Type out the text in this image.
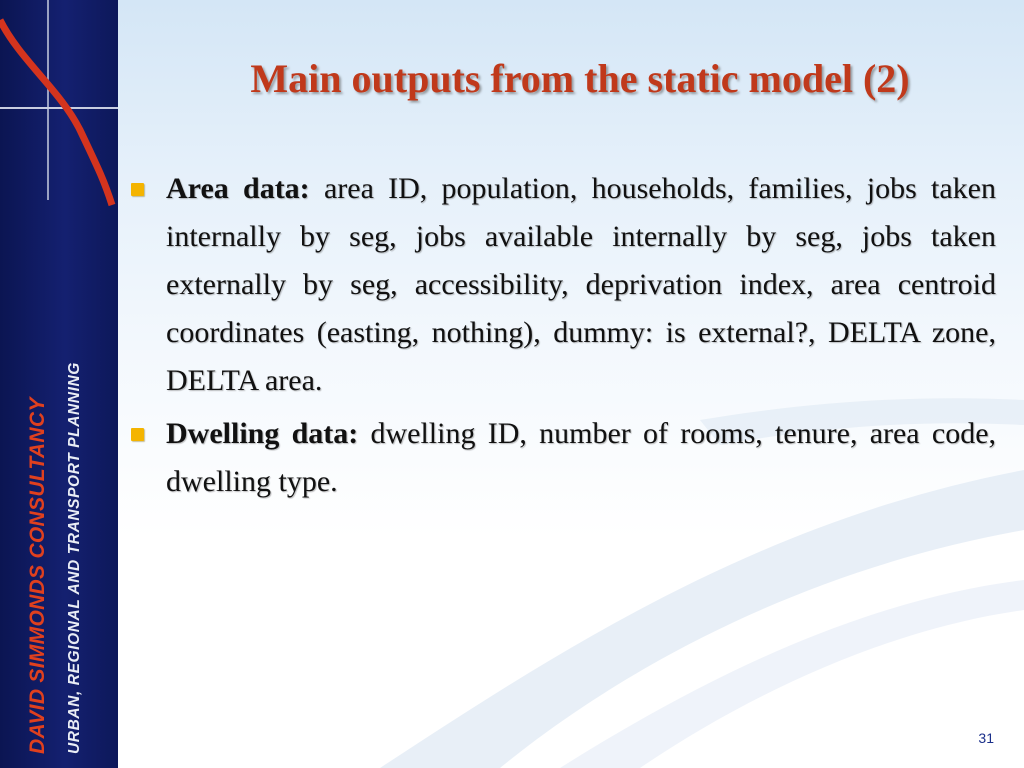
DAVID SIMMONDS CONSULTANCY URBAN, REGIONAL AND TRANSPORT PLANNING
Main outputs from the static model (2)
Area data: area ID, population, households, families, jobs taken internally by seg, jobs available internally by seg, jobs taken externally by seg, accessibility, deprivation index, area centroid coordinates (easting, nothing), dummy: is external?, DELTA zone, DELTA area.
Dwelling data: dwelling ID, number of rooms, tenure, area code, dwelling type.
31
